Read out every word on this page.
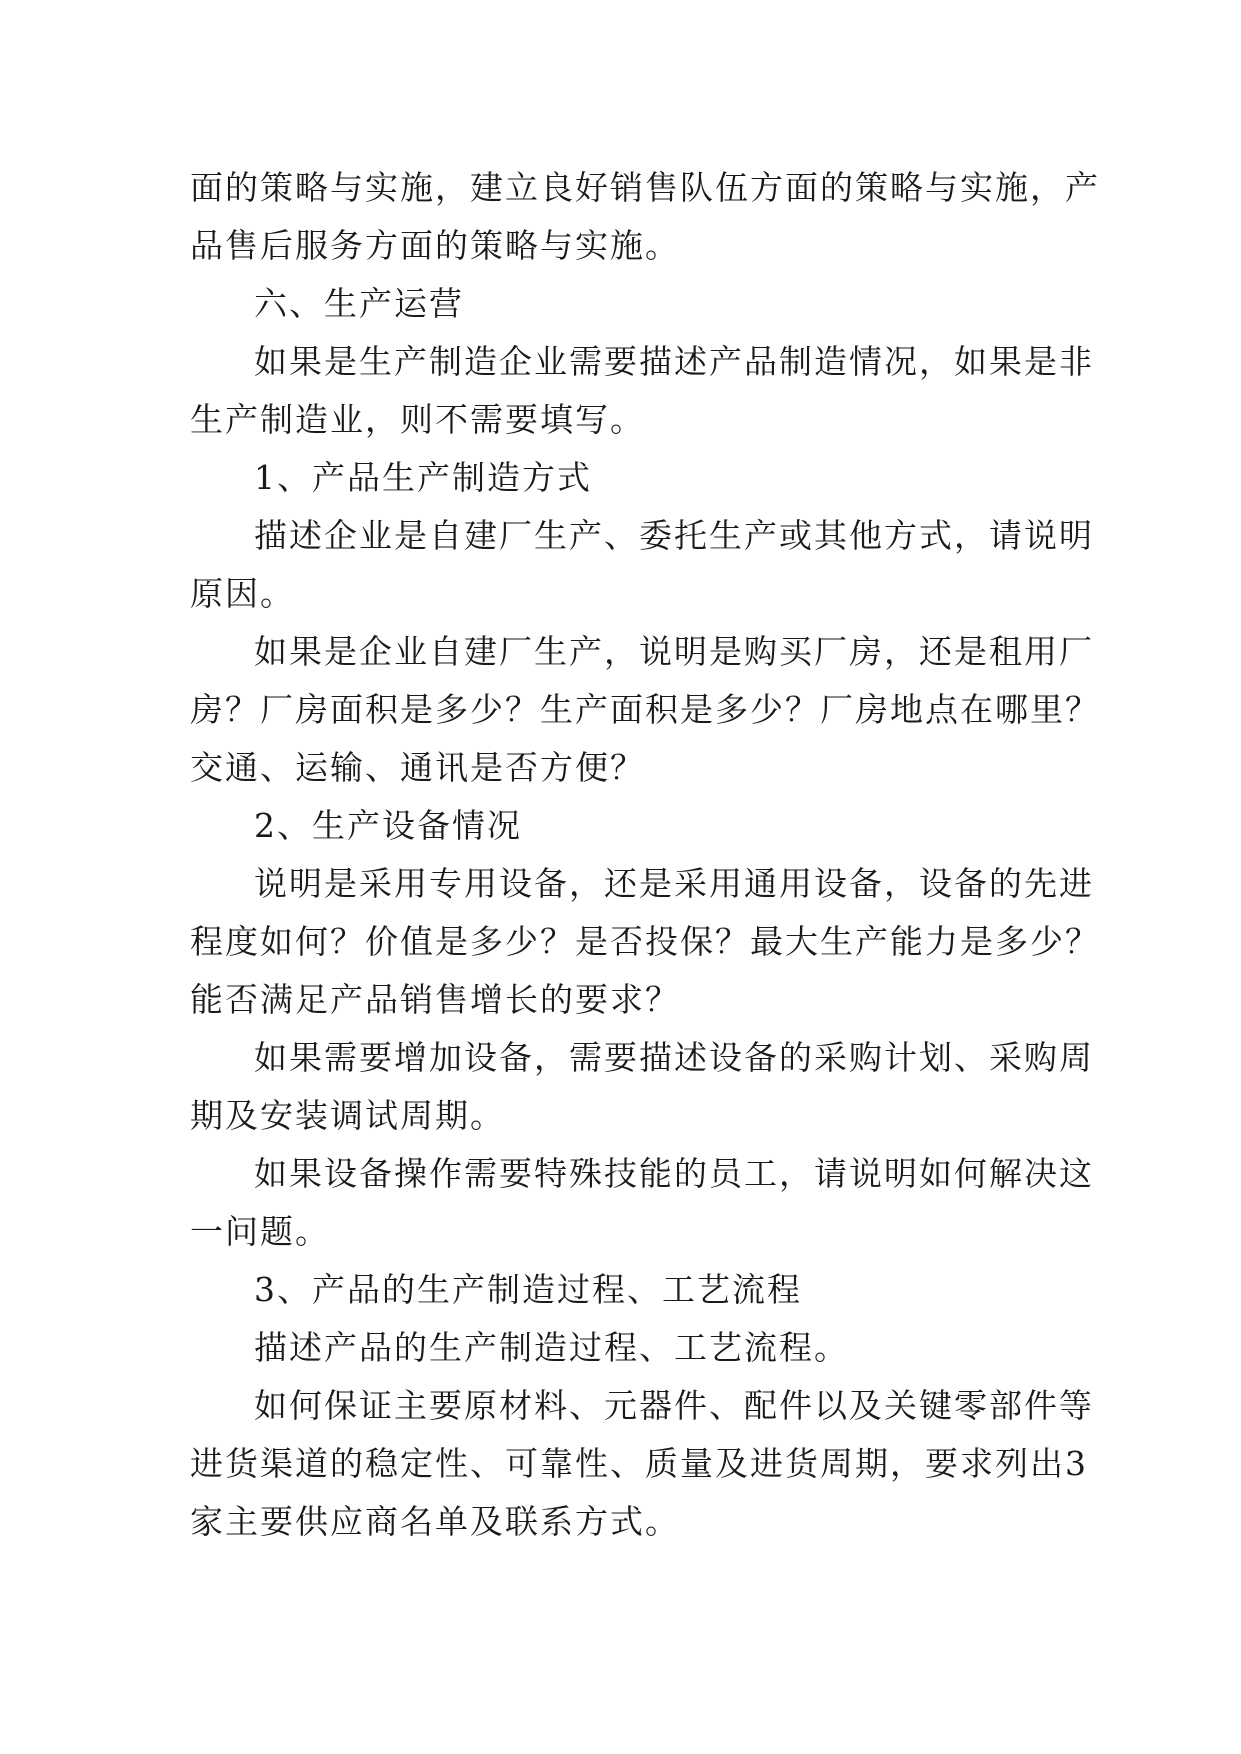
面的策略与实施，建立良好销售队伍方面的策略与实施，产
品售后服务方面的策略与实施。
六、生产运营
如果是生产制造企业需要描述产品制造情况，如果是非
生产制造业，则不需要填写。
1、产品生产制造方式
描述企业是自建厂生产、委托生产或其他方式，请说明
原因。
如果是企业自建厂生产，说明是购买厂房，还是租用厂
房？厂房面积是多少？生产面积是多少？厂房地点在哪里？
交通、运输、通讯是否方便？
2、生产设备情况
说明是采用专用设备，还是采用通用设备，设备的先进
程度如何？价值是多少？是否投保？最大生产能力是多少？
能否满足产品销售增长的要求？
如果需要增加设备，需要描述设备的采购计划、采购周
期及安装调试周期。
如果设备操作需要特殊技能的员工，请说明如何解决这
一问题。
3、产品的生产制造过程、工艺流程
描述产品的生产制造过程、工艺流程。
如何保证主要原材料、元器件、配件以及关键零部件等
进货渠道的稳定性、可靠性、质量及进货周期，要求列出3
家主要供应商名单及联系方式。
